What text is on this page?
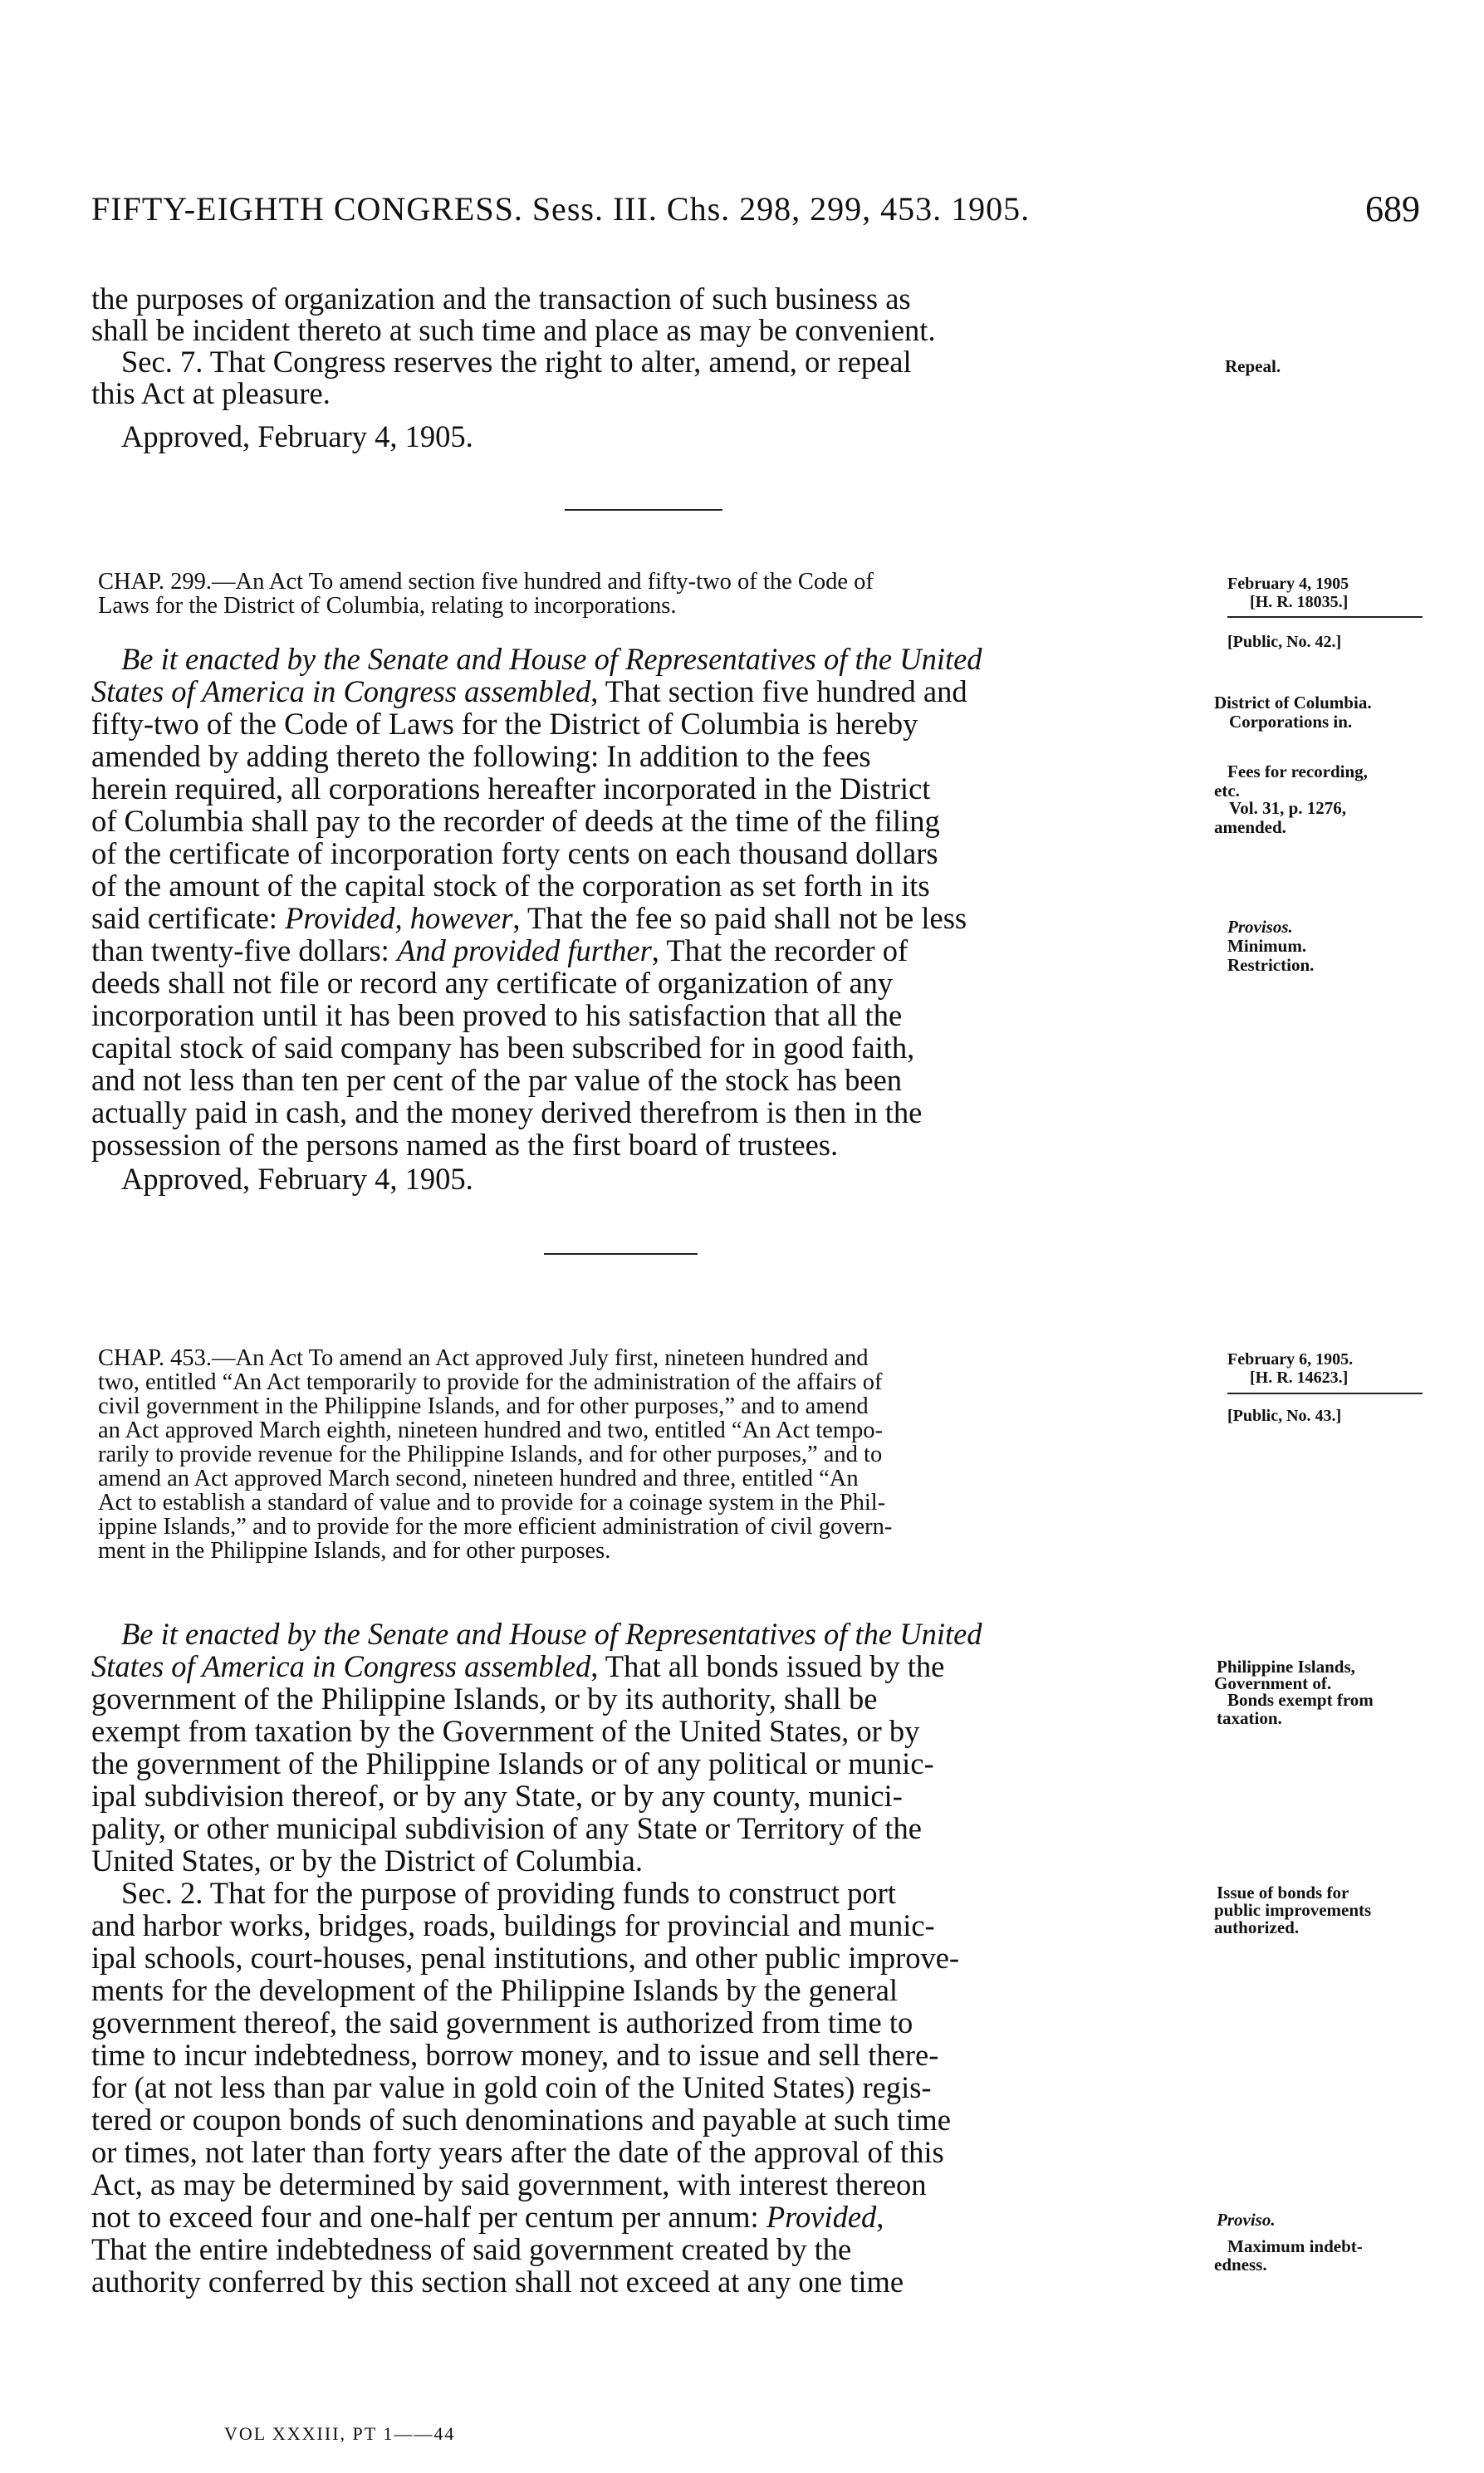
FIFTY-EIGHTH CONGRESS. Sess. III. Chs. 298, 299, 453. 1905.	689
the purposes of organization and the transaction of such business as
shall be incident thereto at such time and place as may be convenient.
Sec. 7. That Congress reserves the right to alter, amend, or repeal
this Act at pleasure.
Approved, February 4, 1905.
Repeal.
CHAP. 299.—An Act To amend section five hundred and fifty-two of the Code of
Laws for the District of Columbia, relating to incorporations.
February 4, 1905
[H. R. 18035.]
[Public, No. 42.]
Be it enacted by the Senate and House of Representatives of the United
States of America in Congress assembled, That section five hundred and
fifty-two of the Code of Laws for the District of Columbia is hereby
amended by adding thereto the following: In addition to the fees
herein required, all corporations hereafter incorporated in the District
of Columbia shall pay to the recorder of deeds at the time of the filing
of the certificate of incorporation forty cents on each thousand dollars
of the amount of the capital stock of the corporation as set forth in its
said certificate: Provided, however, That the fee so paid shall not be less
than twenty-five dollars: And provided further, That the recorder of
deeds shall not file or record any certificate of organization of any
incorporation until it has been proved to his satisfaction that all the
capital stock of said company has been subscribed for in good faith,
and not less than ten per cent of the par value of the stock has been
actually paid in cash, and the money derived therefrom is then in the
possession of the persons named as the first board of trustees.
Approved, February 4, 1905.
District of Columbia.
Corporations in.
Fees for recording,
etc.
Vol. 31, p. 1276,
amended.
Provisos.
Minimum.
Restriction.
CHAP. 453.—An Act To amend an Act approved July first, nineteen hundred and
two, entitled “An Act temporarily to provide for the administration of the affairs of
civil government in the Philippine Islands, and for other purposes,” and to amend
an Act approved March eighth, nineteen hundred and two, entitled “An Act tempo-
rarily to provide revenue for the Philippine Islands, and for other purposes,” and to
amend an Act approved March second, nineteen hundred and three, entitled “An
Act to establish a standard of value and to provide for a coinage system in the Phil-
ippine Islands,” and to provide for the more efficient administration of civil govern-
ment in the Philippine Islands, and for other purposes.
February 6, 1905.
[H. R. 14623.]
[Public, No. 43.]
Be it enacted by the Senate and House of Representatives of the United
States of America in Congress assembled, That all bonds issued by the
government of the Philippine Islands, or by its authority, shall be
exempt from taxation by the Government of the United States, or by
the government of the Philippine Islands or of any political or munic-
ipal subdivision thereof, or by any State, or by any county, munici-
pality, or other municipal subdivision of any State or Territory of the
United States, or by the District of Columbia.
Sec. 2. That for the purpose of providing funds to construct port
and harbor works, bridges, roads, buildings for provincial and munic-
ipal schools, court-houses, penal institutions, and other public improve-
ments for the development of the Philippine Islands by the general
government thereof, the said government is authorized from time to
time to incur indebtedness, borrow money, and to issue and sell there-
for (at not less than par value in gold coin of the United States) regis-
tered or coupon bonds of such denominations and payable at such time
or times, not later than forty years after the date of the approval of this
Act, as may be determined by said government, with interest thereon
not to exceed four and one-half per centum per annum: Provided,
That the entire indebtedness of said government created by the
authority conferred by this section shall not exceed at any one time
Philippine Islands,
Government of.
Bonds exempt from
taxation.
Issue of bonds for
public improvements
authorized.
Proviso.
Maximum indebt-
edness.
VOL XXXIII, PT 1——44
